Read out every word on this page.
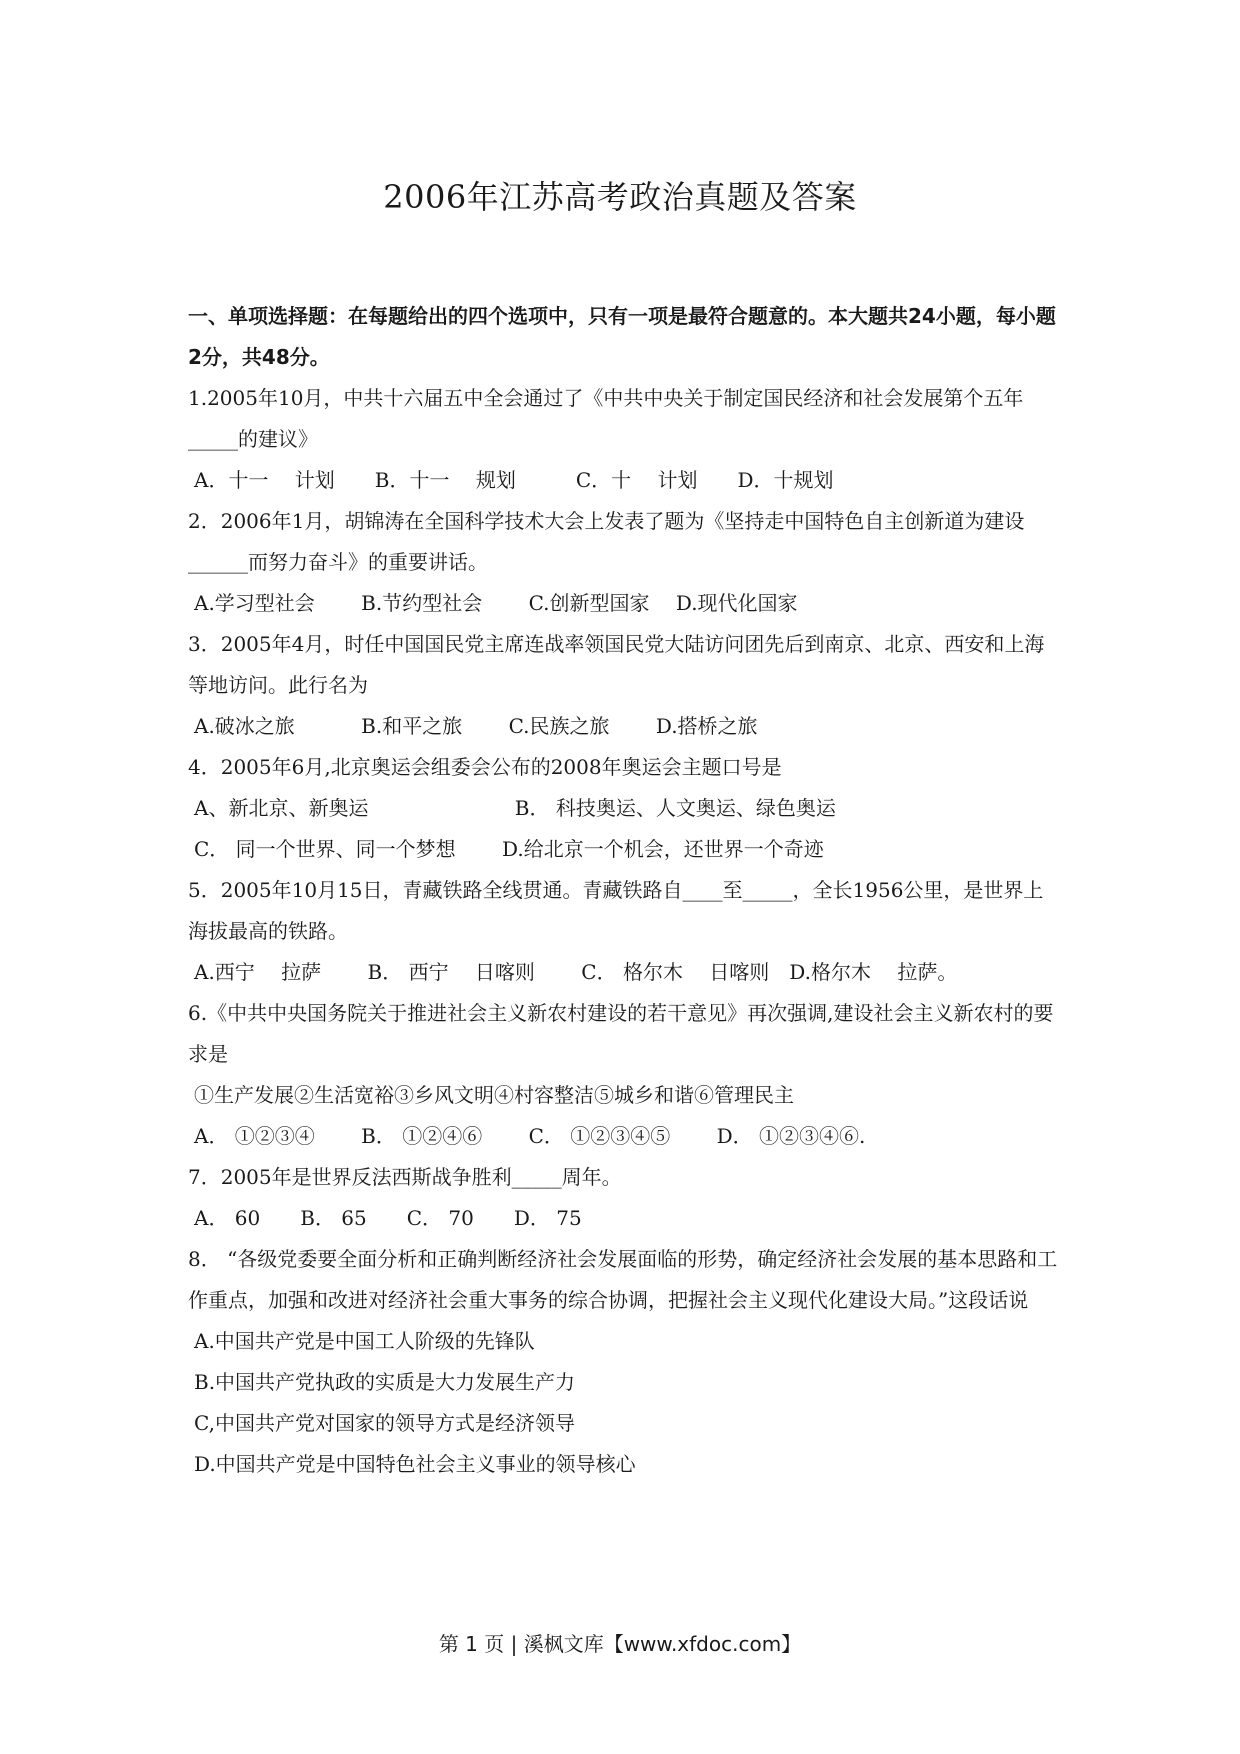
2006年江苏高考政治真题及答案
一、单项选择题：在每题给出的四个选项中，只有一项是最符合题意的。本大题共24小题，每小题2分，共48分。
1.2005年10月，中共十六届五中全会通过了《中共中央关于制定国民经济和社会发展第个五年_____的建议》
A．十一　 计划　　B．十一　 规划　　　C．十　 计划　　D．十规划
2．2006年1月，胡锦涛在全国科学技术大会上发表了题为《坚持走中国特色自主创新道为建设______而努力奋斗》的重要讲话。
A.学习型社会　　 B.节约型社会　　 C.创新型国家　 D.现代化国家
3．2005年4月，时任中国国民党主席连战率领国民党大陆访问团先后到南京、北京、西安和上海等地访问。此行名为
A.破冰之旅　　　 B.和平之旅　　 C.民族之旅　　 D.搭桥之旅
4．2005年6月,北京奥运会组委会公布的2008年奥运会主题口号是
A、新北京、新奥运　　　　　　　 B． 科技奥运、人文奥运、绿色奥运
C． 同一个世界、同一个梦想　　 D.给北京一个机会，还世界一个奇迹
5．2005年10月15日，青藏铁路全线贯通。青藏铁路自____至_____，全长1956公里，是世界上海拔最高的铁路。
A.西宁　 拉萨　　 B． 西宁　 日喀则　　 C． 格尔木　 日喀则　D.格尔木　 拉萨。
6.《中共中央国务院关于推进社会主义新农村建设的若干意见》再次强调,建设社会主义新农村的要求是
①生产发展②生活宽裕③乡风文明④村容整洁⑤城乡和谐⑥管理民主
A． ①②③④　　 B． ①②④⑥　　 C． ①②③④⑤　　 D． ①②③④⑥.
7．2005年是世界反法西斯战争胜利_____周年。
A． 60　　B． 65　　C． 70　　D． 75
8． “各级党委要全面分析和正确判断经济社会发展面临的形势，确定经济社会发展的基本思路和工作重点，加强和改进对经济社会重大事务的综合协调，把握社会主义现代化建设大局。”这段话说
A.中国共产党是中国工人阶级的先锋队
B.中国共产党执政的实质是大力发展生产力
C,中国共产党对国家的领导方式是经济领导
D.中国共产党是中国特色社会主义事业的领导核心
第 1 页 | 溪枫文库【www.xfdoc.com】
